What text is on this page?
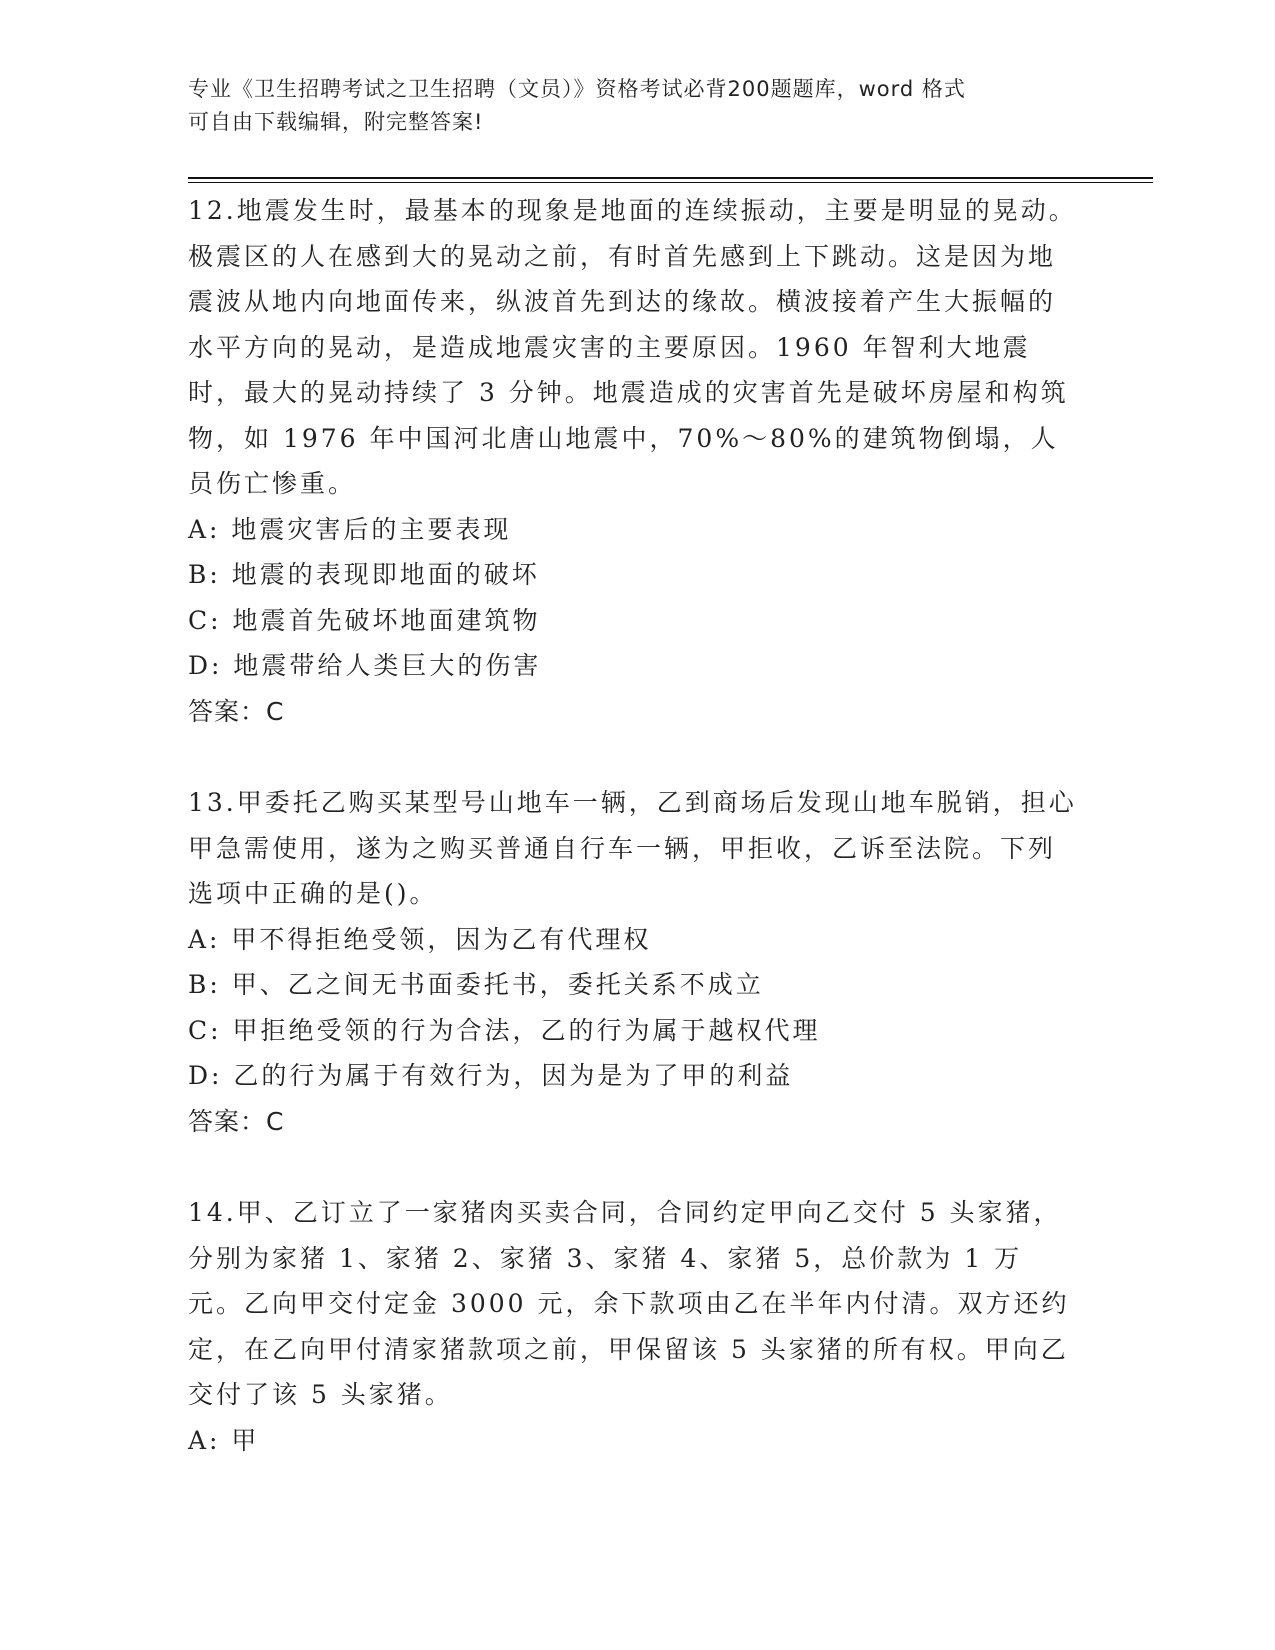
专业《卫生招聘考试之卫生招聘（文员）》资格考试必背200题题库，word 格式
可自由下载编辑，附完整答案!

12.地震发生时，最基本的现象是地面的连续振动，主要是明显的晃动。极震区的人在感到大的晃动之前，有时首先感到上下跳动。这是因为地震波从地内向地面传来，纵波首先到达的缘故。横波接着产生大振幅的水平方向的晃动，是造成地震灾害的主要原因。1960 年智利大地震时，最大的晃动持续了 3 分钟。地震造成的灾害首先是破坏房屋和构筑物，如 1976 年中国河北唐山地震中，70%～80%的建筑物倒塌，人员伤亡惨重。

A: 地震灾害后的主要表现

B: 地震的表现即地面的破坏

C: 地震首先破坏地面建筑物

D: 地震带给人类巨大的伤害

答案：C

13.甲委托乙购买某型号山地车一辆，乙到商场后发现山地车脱销，担心甲急需使用，遂为之购买普通自行车一辆，甲拒收，乙诉至法院。下列选项中正确的是()。

A: 甲不得拒绝受领，因为乙有代理权

B: 甲、乙之间无书面委托书，委托关系不成立

C: 甲拒绝受领的行为合法，乙的行为属于越权代理

D: 乙的行为属于有效行为，因为是为了甲的利益

答案：C

14.甲、乙订立了一家猪肉买卖合同，合同约定甲向乙交付 5 头家猪，分别为家猪 1、家猪 2、家猪 3、家猪 4、家猪 5，总价款为 1 万元。乙向甲交付定金 3000 元，余下款项由乙在半年内付清。双方还约定，在乙向甲付清家猪款项之前，甲保留该 5 头家猪的所有权。甲向乙交付了该 5 头家猪。

A: 甲
